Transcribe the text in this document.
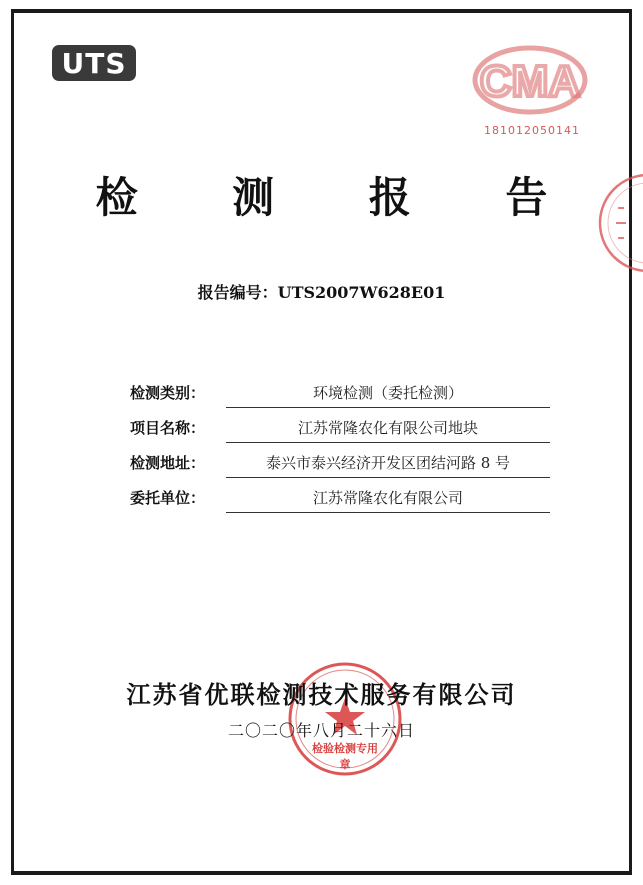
UTS	CMA
181012050141
检 测 报 告
报告编号：UTS2007W628E01
检测类别：	环境检测（委托检测）
项目名称：	江苏常隆农化有限公司地块
检测地址：	泰兴市泰兴经济开发区团结河路 8 号
委托单位：	江苏常隆农化有限公司
江苏省优联检测技术服务有限公司
二〇二〇年八月二十六日
检验检测专用章
